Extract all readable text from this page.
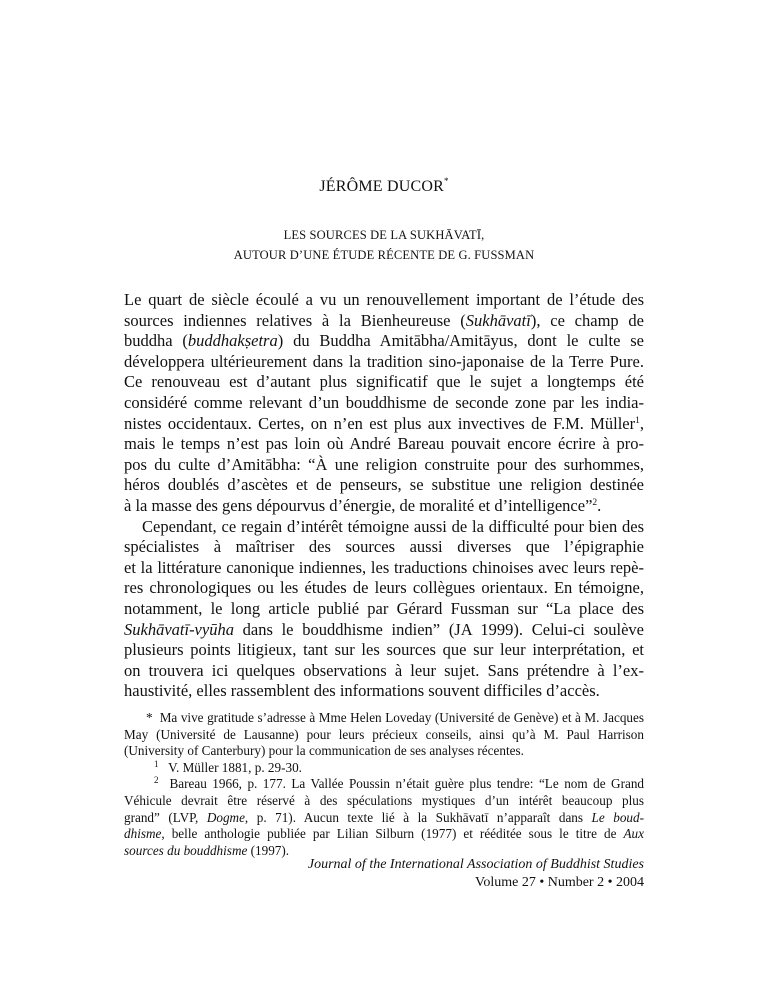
JÉRÔME DUCOR*
LES SOURCES DE LA SUKHĀVATĪ,
AUTOUR D’UNE ÉTUDE RÉCENTE DE G. FUSSMAN
Le quart de siècle écoulé a vu un renouvellement important de l’étude des
sources indiennes relatives à la Bienheureuse (Sukhāvatī), ce champ de
buddha (buddhakṣetra) du Buddha Amitābha/Amitāyus, dont le culte se
développera ultérieurement dans la tradition sino-japonaise de la Terre Pure.
Ce renouveau est d’autant plus significatif que le sujet a longtemps été
considéré comme relevant d’un bouddhisme de seconde zone par les india-
nistes occidentaux. Certes, on n’en est plus aux invectives de F.M. Müller$^1$,
mais le temps n’est pas loin où André Bareau pouvait encore écrire à pro-
pos du culte d’Amitābha: “À une religion construite pour des surhommes,
héros doublés d’ascètes et de penseurs, se substitue une religion destinée
à la masse des gens dépourvus d’énergie, de moralité et d’intelligence”$^2$.
Cependant, ce regain d’intérêt témoigne aussi de la difficulté pour bien des
spécialistes à maîtriser des sources aussi diverses que l’épigraphie
et la littérature canonique indiennes, les traductions chinoises avec leurs repè-
res chronologiques ou les études de leurs collègues orientaux. En témoigne,
notamment, le long article publié par Gérard Fussman sur “La place des
Sukhāvatī-vyūha dans le bouddhisme indien” (JA 1999). Celui-ci soulève
plusieurs points litigieux, tant sur les sources que sur leur interprétation, et
on trouvera ici quelques observations à leur sujet. Sans prétendre à l’ex-
haustivité, elles rassemblent des informations souvent difficiles d’accès.
* Ma vive gratitude s’adresse à Mme Helen Loveday (Université de Genève) et à M. Jacques
May (Université de Lausanne) pour leurs précieux conseils, ainsi qu’à M. Paul Harrison
(University of Canterbury) pour la communication de ses analyses récentes.
$^1$ V. Müller 1881, p. 29-30.
$^2$ Bareau 1966, p. 177. La Vallée Poussin n’était guère plus tendre: “Le nom de Grand
Véhicule devrait être réservé à des spéculations mystiques d’un intérêt beaucoup plus
grand” (LVP, Dogme, p. 71). Aucun texte lié à la Sukhāvatī n’apparaît dans Le boud-
dhisme, belle anthologie publiée par Lilian Silburn (1977) et rééditée sous le titre de Aux
sources du bouddhisme (1997).
Journal of the International Association of Buddhist Studies
Volume 27 • Number 2 • 2004
